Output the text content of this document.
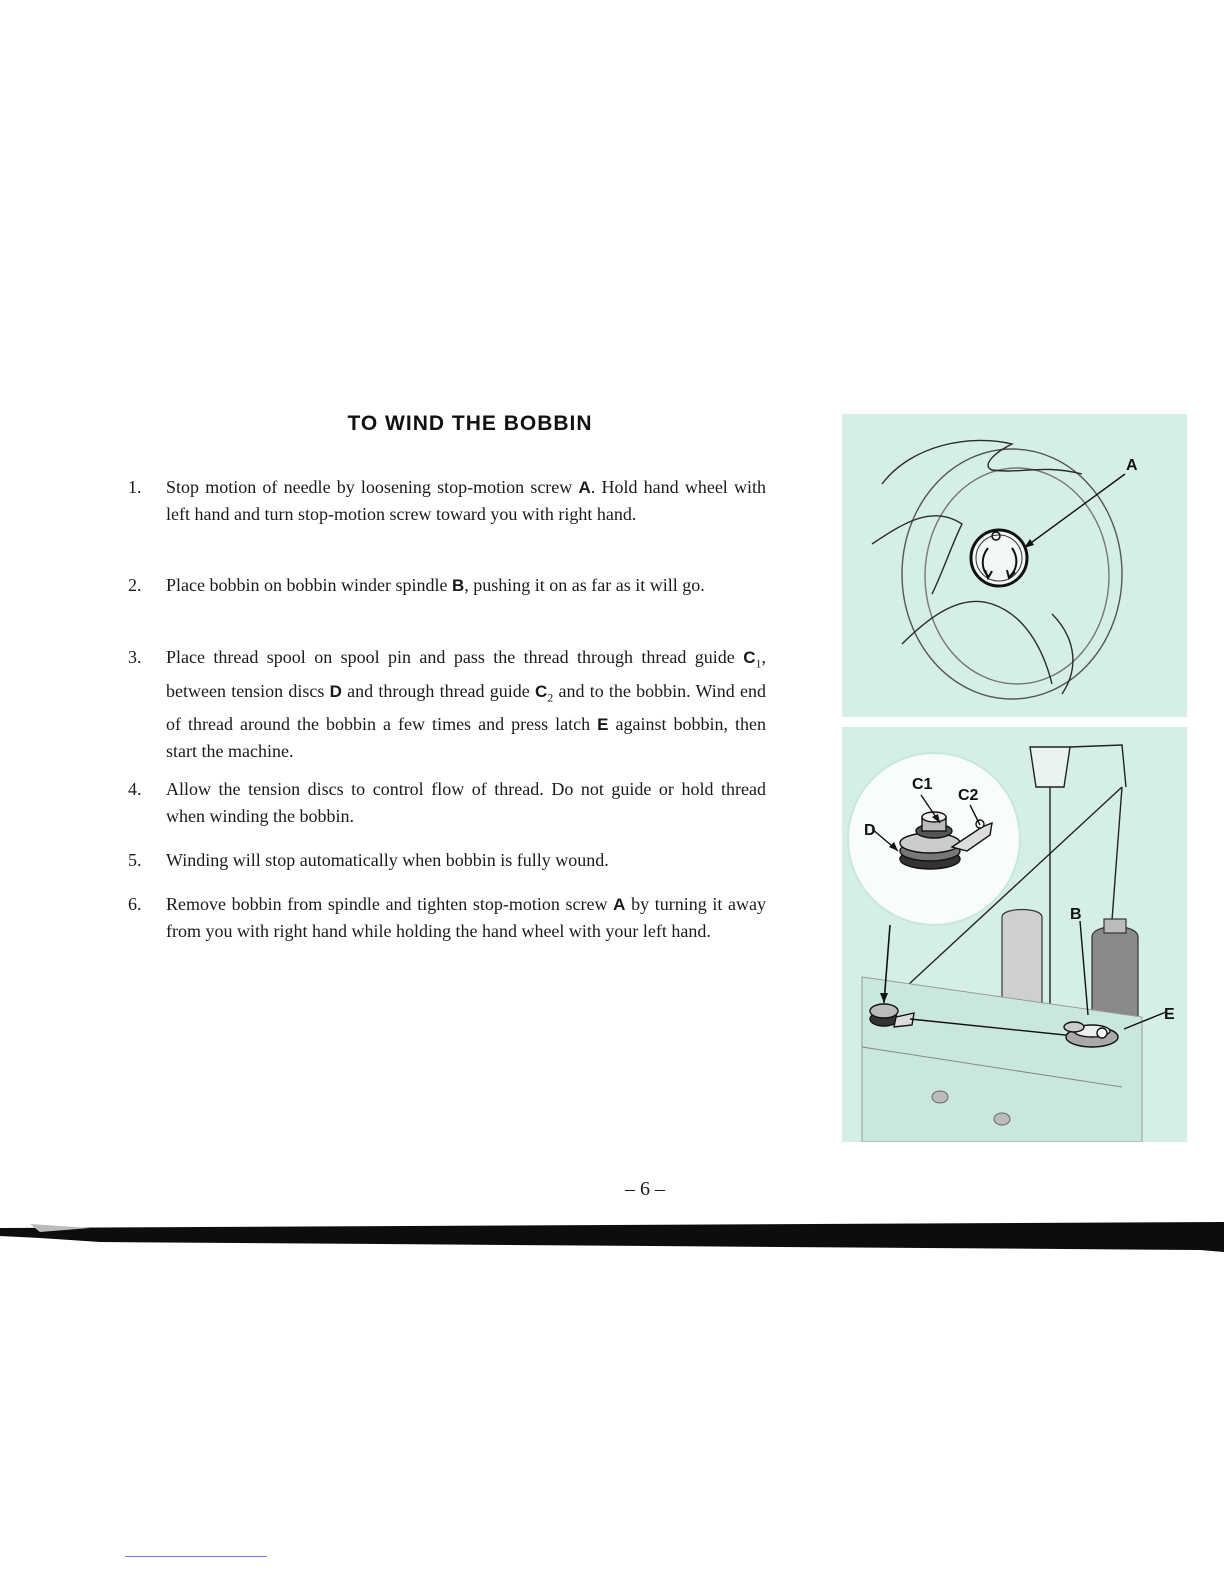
TO WIND THE BOBBIN
1. Stop motion of needle by loosening stop-motion screw A. Hold hand wheel with left hand and turn stop-motion screw toward you with right hand.
2. Place bobbin on bobbin winder spindle B, pushing it on as far as it will go.
3. Place thread spool on spool pin and pass the thread through thread guide $C_1$, between tension discs D and through thread guide $C_2$ and to the bobbin. Wind end of thread around the bobbin a few times and press latch E against bobbin, then start the machine.
4. Allow the tension discs to control flow of thread. Do not guide or hold thread when winding the bobbin.
5. Winding will stop automatically when bobbin is fully wound.
6. Remove bobbin from spindle and tighten stop-motion screw A by turning it away from you with right hand while holding the hand wheel with your left hand.
A
C1
C2
D
B
E
– 6 –
